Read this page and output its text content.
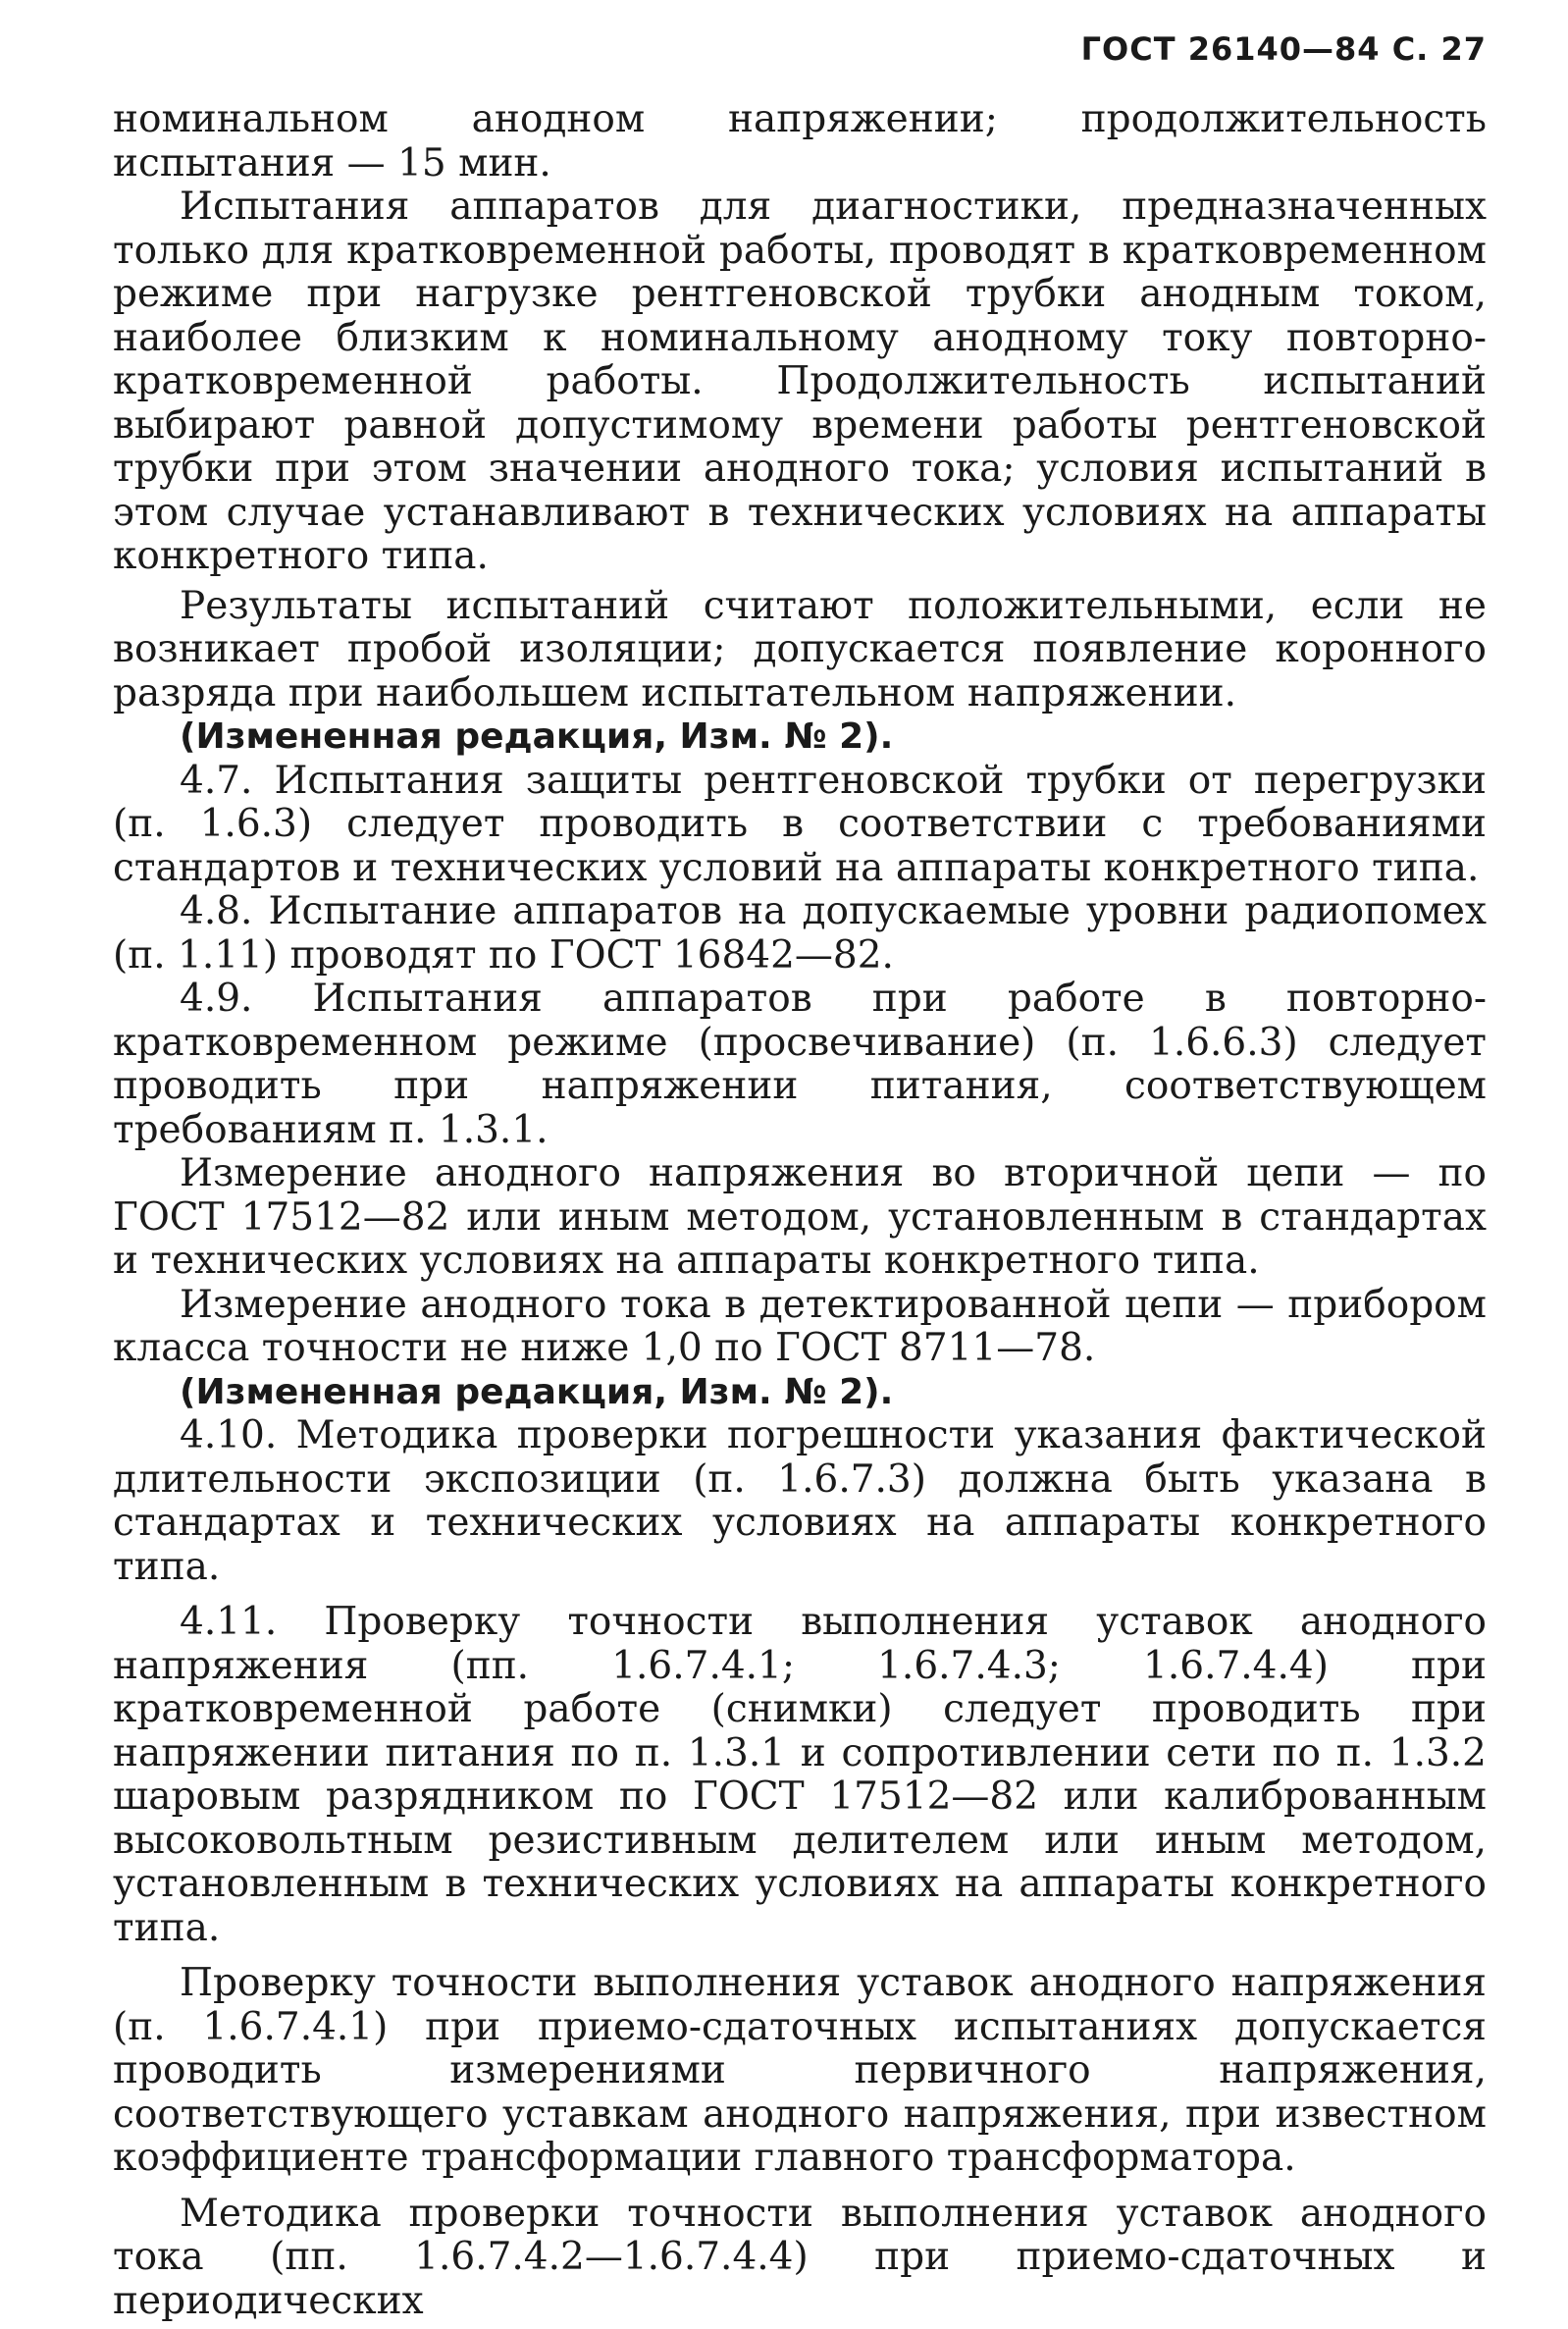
ГОСТ 26140—84 С. 27

номинальном анодном напряжении; продолжительность испытания — 15 мин.

Испытания аппаратов для диагностики, предназначенных только для кратковременной работы, проводят в кратковременном режиме при нагрузке рентгеновской трубки анодным током, наиболее близким к номинальному анодному току повторно-кратковременной работы. Продолжительность испытаний выбирают равной допустимому времени работы рентгеновской трубки при этом значении анодного тока; условия испытаний в этом случае устанавливают в технических условиях на аппараты конкретного типа.

Результаты испытаний считают положительными, если не возникает пробой изоляции; допускается появление коронного разряда при наибольшем испытательном напряжении.

(Измененная редакция, Изм. № 2).

4.7. Испытания защиты рентгеновской трубки от перегрузки (п. 1.6.3) следует проводить в соответствии с требованиями стандартов и технических условий на аппараты конкретного типа.

4.8. Испытание аппаратов на допускаемые уровни радиопомех (п. 1.11) проводят по ГОСТ 16842—82.

4.9. Испытания аппаратов при работе в повторно-кратковременном режиме (просвечивание) (п. 1.6.6.3) следует проводить при напряжении питания, соответствующем требованиям п. 1.3.1.

Измерение анодного напряжения во вторичной цепи — по ГОСТ 17512—82 или иным методом, установленным в стандартах и технических условиях на аппараты конкретного типа.

Измерение анодного тока в детектированной цепи — прибором класса точности не ниже 1,0 по ГОСТ 8711—78.

(Измененная редакция, Изм. № 2).

4.10. Методика проверки погрешности указания фактической длительности экспозиции (п. 1.6.7.3) должна быть указана в стандартах и технических условиях на аппараты конкретного типа.

4.11. Проверку точности выполнения уставок анодного напряжения (пп. 1.6.7.4.1; 1.6.7.4.3; 1.6.7.4.4) при кратковременной работе (снимки) следует проводить при напряжении питания по п. 1.3.1 и сопротивлении сети по п. 1.3.2 шаровым разрядником по ГОСТ 17512—82 или калиброванным высоковольтным резистивным делителем или иным методом, установленным в технических условиях на аппараты конкретного типа.

Проверку точности выполнения уставок анодного напряжения (п. 1.6.7.4.1) при приемо-сдаточных испытаниях допускается проводить измерениями первичного напряжения, соответствующего уставкам анодного напряжения, при известном коэффициенте трансформации главного трансформатора.

Методика проверки точности выполнения уставок анодного тока (пп. 1.6.7.4.2—1.6.7.4.4) при приемо-сдаточных и периодических
